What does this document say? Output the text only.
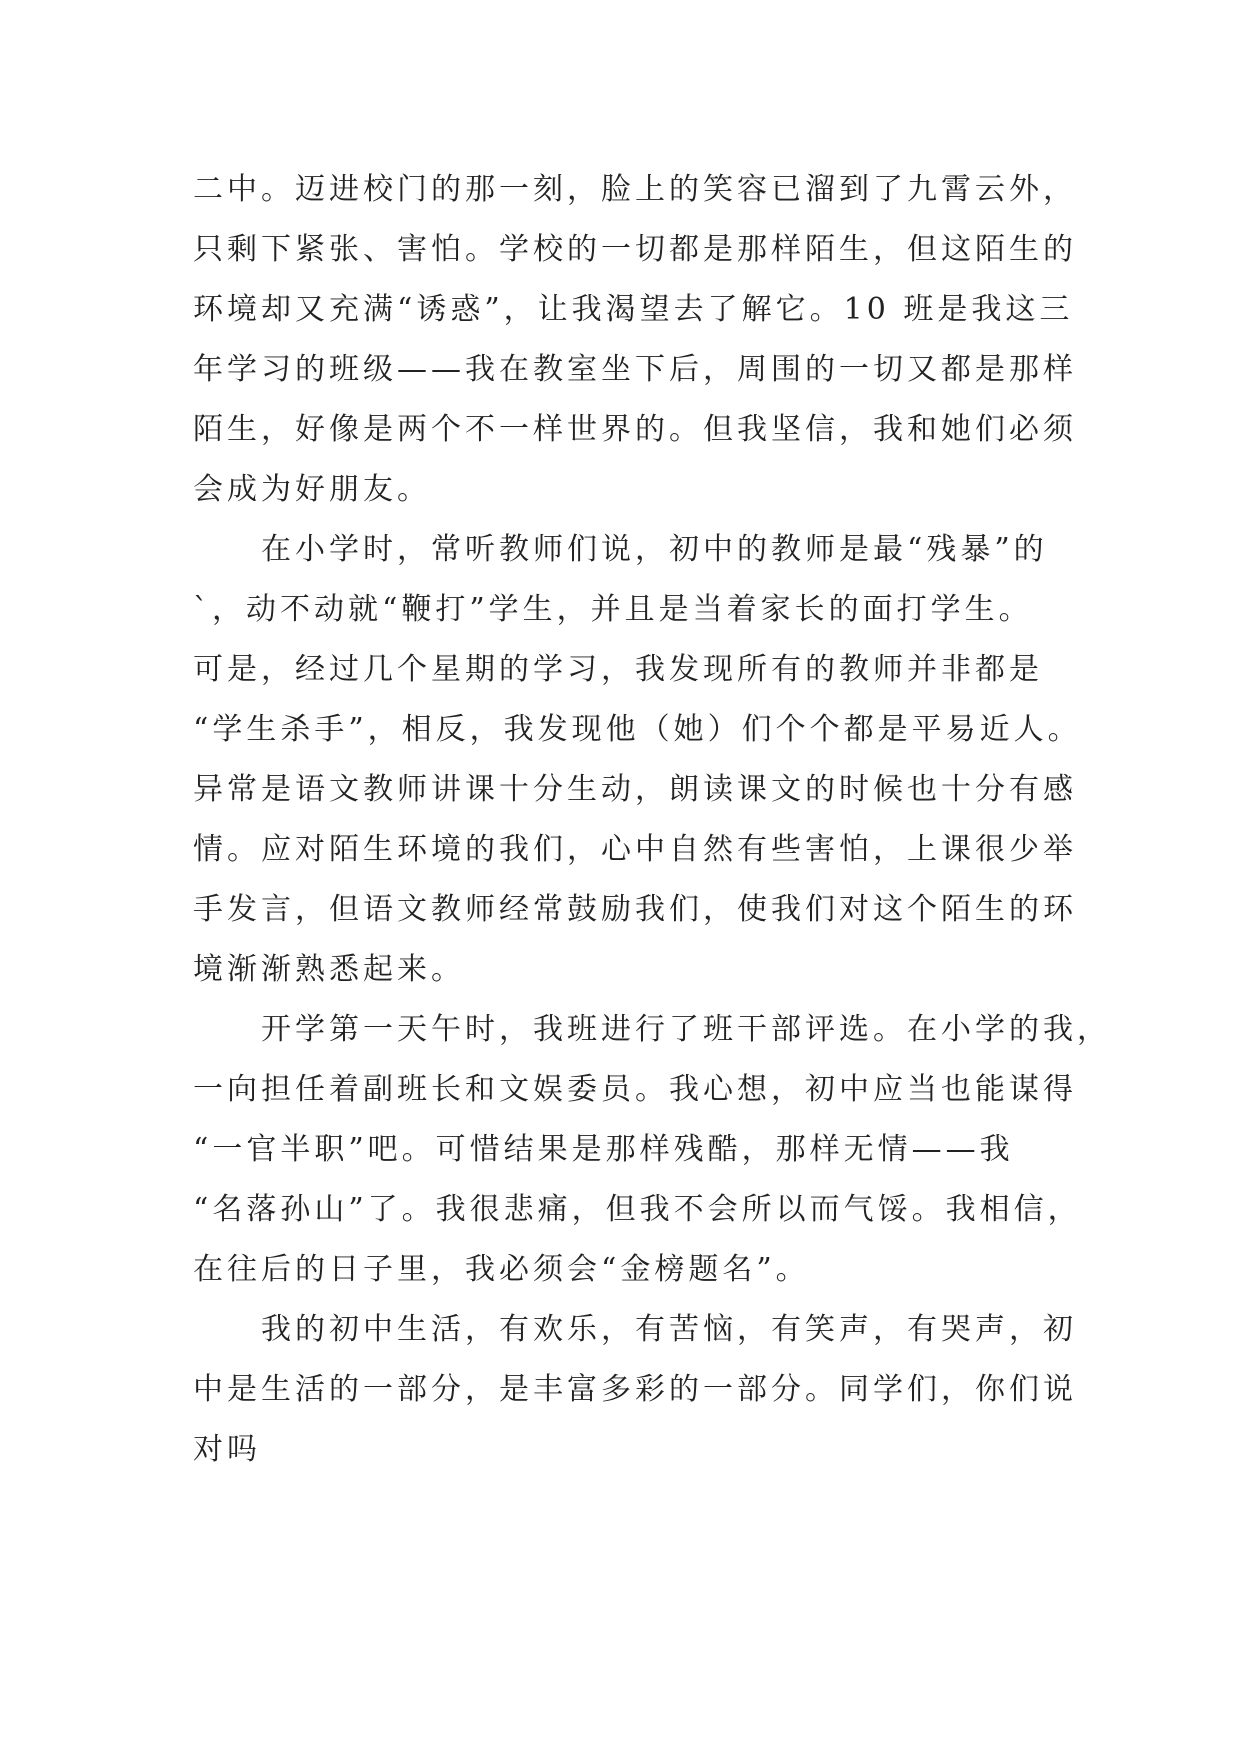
二中。迈进校门的那一刻，脸上的笑容已溜到了九霄云外，
只剩下紧张、害怕。学校的一切都是那样陌生，但这陌生的
环境却又充满“诱惑”，让我渴望去了解它。10 班是我这三
年学习的班级——我在教室坐下后，周围的一切又都是那样
陌生，好像是两个不一样世界的。但我坚信，我和她们必须
会成为好朋友。
　　在小学时，常听教师们说，初中的教师是最“残暴”的
`，动不动就“鞭打”学生，并且是当着家长的面打学生。
可是，经过几个星期的学习，我发现所有的教师并非都是
“学生杀手”，相反，我发现他（她）们个个都是平易近人。
异常是语文教师讲课十分生动，朗读课文的时候也十分有感
情。应对陌生环境的我们，心中自然有些害怕，上课很少举
手发言，但语文教师经常鼓励我们，使我们对这个陌生的环
境渐渐熟悉起来。
　　开学第一天午时，我班进行了班干部评选。在小学的我，
一向担任着副班长和文娱委员。我心想，初中应当也能谋得
“一官半职”吧。可惜结果是那样残酷，那样无情——我
“名落孙山”了。我很悲痛，但我不会所以而气馁。我相信，
在往后的日子里，我必须会“金榜题名”。
　　我的初中生活，有欢乐，有苦恼，有笑声，有哭声，初
中是生活的一部分，是丰富多彩的一部分。同学们，你们说
对吗
